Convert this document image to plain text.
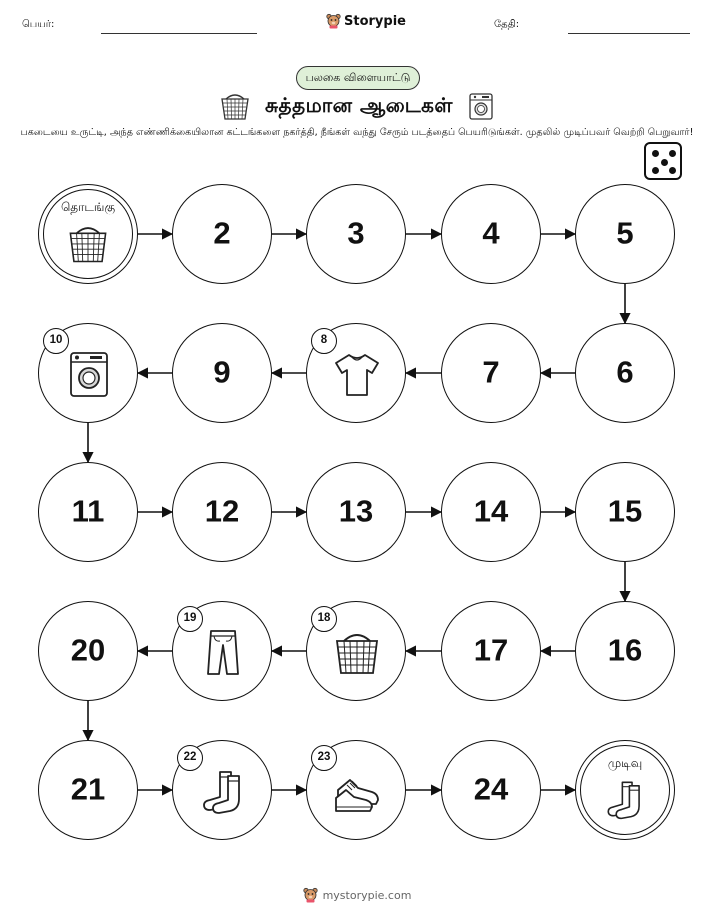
பெயர்:	Storypie	தேதி:
பலகை விளையாட்டு
சுத்தமான ஆடைகள்
பகடையை உருட்டி, அந்த எண்ணிக்கையிலான கட்டங்களை நகர்த்தி, நீங்கள் வந்து சேரும் படத்தைப் பெயரிடுங்கள். முதலில் முடிப்பவர் வெற்றி பெறுவார்!
தொடங்கு
2	3	4	5
6
7
8
9
10
11	12	13	14	15
16
17
18
19
20
21
22	23
24
முடிவு
mystorypie.com
